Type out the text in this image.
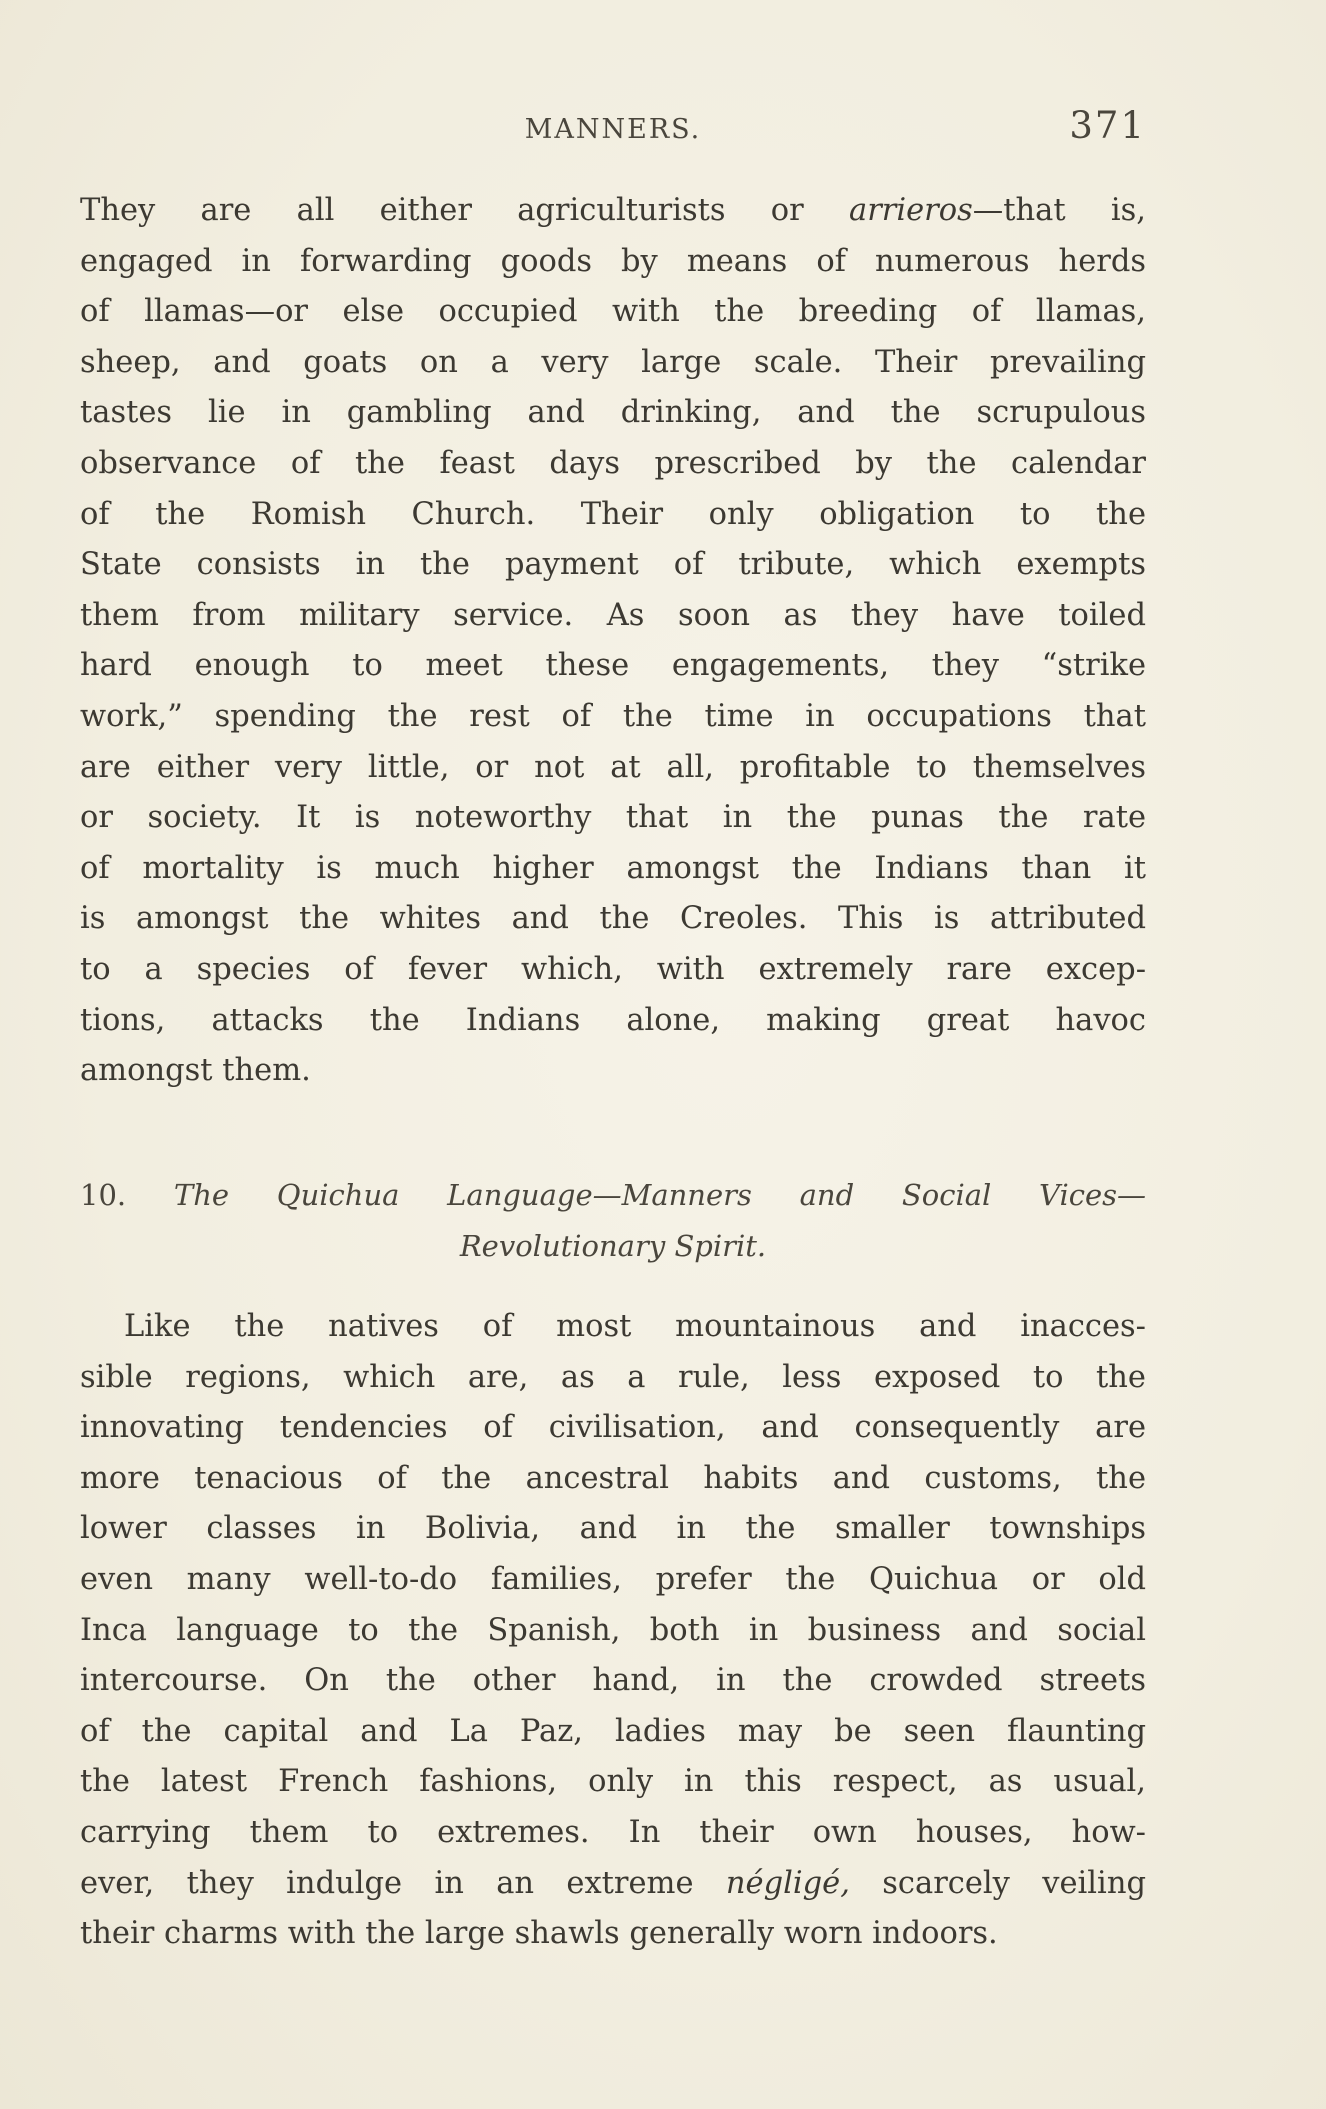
MANNERS.	371
They are all either agriculturists or arrieros—that is,
engaged in forwarding goods by means of numerous herds
of llamas—or else occupied with the breeding of llamas,
sheep, and goats on a very large scale. Their prevailing
tastes lie in gambling and drinking, and the scrupulous
observance of the feast days prescribed by the calendar
of the Romish Church. Their only obligation to the
State consists in the payment of tribute, which exempts
them from military service. As soon as they have toiled
hard enough to meet these engagements, they “strike
work,” spending the rest of the time in occupations that
are either very little, or not at all, profitable to themselves
or society. It is noteworthy that in the punas the rate
of mortality is much higher amongst the Indians than it
is amongst the whites and the Creoles. This is attributed
to a species of fever which, with extremely rare excep-
tions, attacks the Indians alone, making great havoc
amongst them.
10. The Quichua Language—Manners and Social Vices—
Revolutionary Spirit.
Like the natives of most mountainous and inacces-
sible regions, which are, as a rule, less exposed to the
innovating tendencies of civilisation, and consequently are
more tenacious of the ancestral habits and customs, the
lower classes in Bolivia, and in the smaller townships
even many well-to-do families, prefer the Quichua or old
Inca language to the Spanish, both in business and social
intercourse. On the other hand, in the crowded streets
of the capital and La Paz, ladies may be seen flaunting
the latest French fashions, only in this respect, as usual,
carrying them to extremes. In their own houses, how-
ever, they indulge in an extreme négligé, scarcely veiling
their charms with the large shawls generally worn indoors.
